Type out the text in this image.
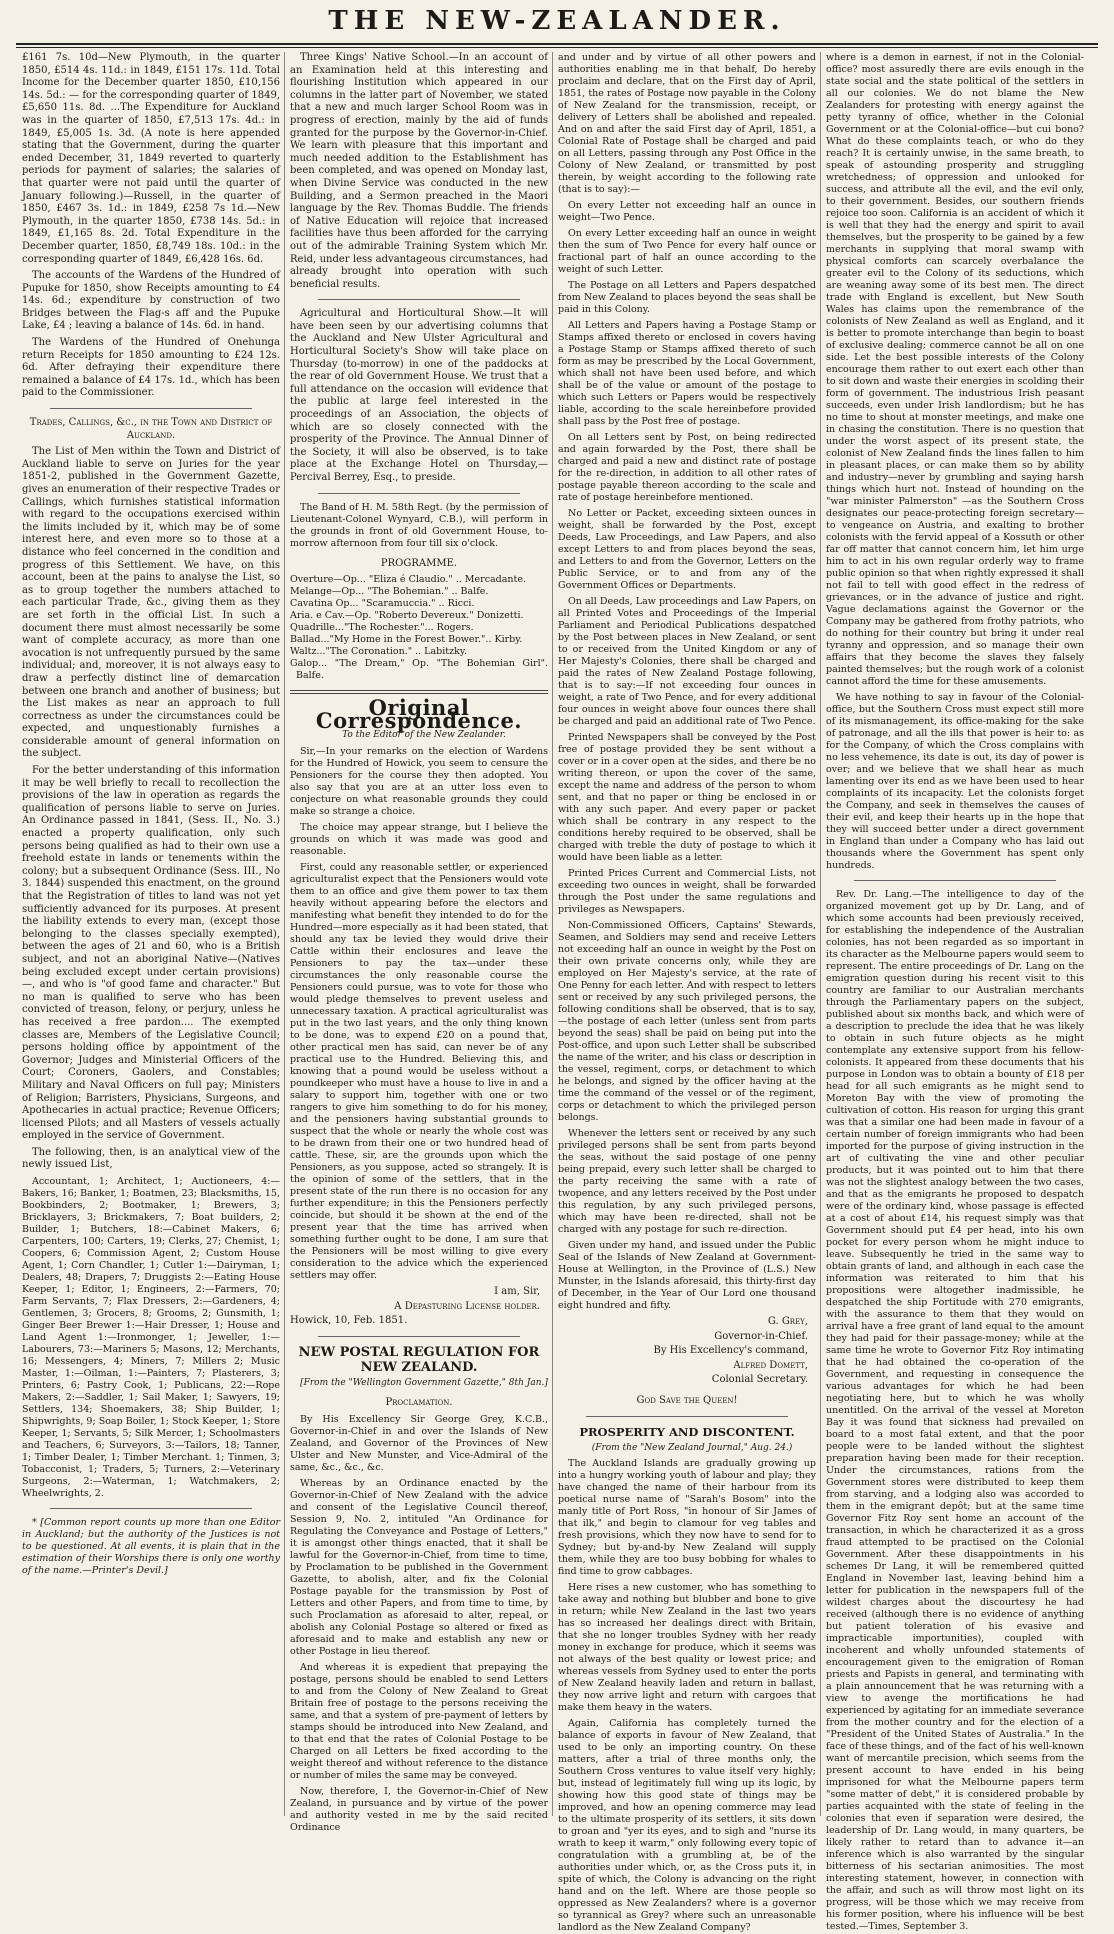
THE NEW-ZEALANDER.

£161 7s. 10d—New Plymouth, in the quarter 1850, £514 4s. 11d.: in 1849, £151 17s. 11d. Total Income for the December quarter 1850, £10,156 14s. 5d.: — for the corresponding quarter of 1849, £5,650 11s. 8d. ...The Expenditure for Auckland was in the quarter of 1850, £7,513 17s. 4d.: in 1849, £5,005 1s. 3d. (A note is here appended stating that the Government, during the quarter ended December, 31, 1849 reverted to quarterly periods for payment of salaries; the salaries of that quarter were not paid until the quarter of January following.)—Russell, in the quarter of 1850, £467 3s. 1d.: in 1849, £258 7s 1d.—New Plymouth, in the quarter 1850, £738 14s. 5d.: in 1849, £1,165 8s. 2d. Total Expenditure in the December quarter, 1850, £8,749 18s. 10d.: in the corresponding quarter of 1849, £6,428 16s. 6d.

The accounts of the Wardens of the Hundred of Pupuke for 1850, show Receipts amounting to £4 14s. 6d.; expenditure by construction of two Bridges between the Flag-s aff and the Pupuke Lake, £4 ; leaving a balance of 14s. 6d. in hand.

The Wardens of the Hundred of Onehunga return Receipts for 1850 amounting to £24 12s. 6d. After defraying their expenditure there remained a balance of £4 17s. 1d., which has been paid to the Commissioner.

Trades, Callings, &c., in the Town and District of Auckland.

The List of Men within the Town and District of Auckland liable to serve on Juries for the year 1851-2, published in the Government Gazette, gives an enumeration of their respective Trades or Callings, which furnishes statistical information with regard to the occupations exercised within the limits included by it, which may be of some interest here, and even more so to those at a distance who feel concerned in the condition and progress of this Settlement. We have, on this account, been at the pains to analyse the List, so as to group together the numbers attached to each particular Trade, &c., giving them as they are set forth in the official List. In such a document there must almost necessarily be some want of complete accuracy, as more than one avocation is not unfrequently pursued by the same individual; and, moreover, it is not always easy to draw a perfectly distinct line of demarcation between one branch and another of business; but the List makes as near an approach to full correctness as under the circumstances could be expected, and unquestionably furnishes a considerable amount of general information on the subject.

For the better understanding of this information it may be well briefly to recall to recollection the provisions of the law in operation as regards the qualification of persons liable to serve on Juries. An Ordinance passed in 1841, (Sess. II., No. 3.) enacted a property qualification, only such persons being qualified as had to their own use a freehold estate in lands or tenements within the colony; but a subsequent Ordinance (Sess. III., No 3. 1844) suspended this enactment, on the ground that the Registration of titles to land was not yet sufficiently advanced for its purposes. At present the liability extends to every man, (except those belonging to the classes specially exempted), between the ages of 21 and 60, who is a British subject, and not an aboriginal Native—(Natives being excluded except under certain provisions)—, and who is "of good fame and character." But no man is qualified to serve who has been convicted of treason, felony, or perjury, unless he has received a free pardon.... The exempted classes are, Members of the Legislative Council; persons holding office by appointment of the Governor; Judges and Ministerial Officers of the Court; Coroners, Gaolers, and Constables; Military and Naval Officers on full pay; Ministers of Religion; Barristers, Physicians, Surgeons, and Apothecaries in actual practice; Revenue Officers; licensed Pilots; and all Masters of vessels actually employed in the service of Government.

The following, then, is an analytical view of the newly issued List,

Accountant, 1; Architect, 1; Auctioneers, 4:—Bakers, 16; Banker, 1; Boatmen, 23; Blacksmiths, 15, Bookbinders, 2; Bootmaker, 1; Brewers, 3; Bricklayers, 3; Brickmakers, 7; Boat builders, 2; Builder, 1; Butchers, 18:—Cabinet Makers, 6; Carpenters, 100; Carters, 19; Clerks, 27; Chemist, 1; Coopers, 6; Commission Agent, 2; Custom House Agent, 1; Corn Chandler, 1; Cutler 1:—Dairyman, 1; Dealers, 48; Drapers, 7; Druggists 2:—Eating House Keeper, 1; Editor, 1; Engineers, 2:—Farmers, 70; Farm Servants, 7; Flax Dressers, 2:—Gardeners, 4; Gentlemen, 3; Grocers, 8; Grooms, 2; Gunsmith, 1; Ginger Beer Brewer 1:—Hair Dresser, 1; House and Land Agent 1:—Ironmonger, 1; Jeweller, 1:—Labourers, 73:—Mariners 5; Masons, 12; Merchants, 16; Messengers, 4; Miners, 7; Millers 2; Music Master, 1:—Oilman, 1:—Painters, 7; Plasterers, 3; Printers, 6; Pastry Cook, 1; Publicans, 22:—Rope Makers, 2:—Saddler, 1; Sail Maker, 1; Sawyers, 19; Settlers, 134; Shoemakers, 38; Ship Builder, 1; Shipwrights, 9; Soap Boiler, 1; Stock Keeper, 1; Store Keeper, 1; Servants, 5; Silk Mercer, 1; Schoolmasters and Teachers, 6; Surveyors, 3:—Tailors, 18; Tanner, 1; Timber Dealer, 1; Timber Merchant. 1; Tinmen, 3; Tobacconist, 1; Traders, 5; Turners, 2:—Veterinary Surgeons, 2:—Waterman, 1; Watchmakers, 2; Wheelwrights, 2.

* [Common report counts up more than one Editor in Auckland; but the authority of the Justices is not to be questioned. At all events, it is plain that in the estimation of their Worships there is only one worthy of the name.—Printer's Devil.]

Three Kings' Native School.—In an account of an Examination held at this interesting and flourishing Institution which appeared in our columns in the latter part of November, we stated that a new and much larger School Room was in progress of erection, mainly by the aid of funds granted for the purpose by the Governor-in-Chief. We learn with pleasure that this important and much needed addition to the Establishment has been completed, and was opened on Monday last, when Divine Service was conducted in the new Building, and a Sermon preached in the Maori language by the Rev. Thomas Buddle. The friends of Native Education will rejoice that increased facilities have thus been afforded for the carrying out of the admirable Training System which Mr. Reid, under less advantageous circumstances, had already brought into operation with such beneficial results.

Agricultural and Horticultural Show.—It will have been seen by our advertising columns that the Auckland and New Ulster Agricultural and Horticultural Society's Show will take place on Thursday (to-morrow) in one of the paddocks at the rear of old Government House. We trust that a full attendance on the occasion will evidence that the public at large feel interested in the proceedings of an Association, the objects of which are so closely connected with the prosperity of the Province. The Annual Dinner of the Society, it will also be observed, is to take place at the Exchange Hotel on Thursday,—Percival Berrey, Esq., to preside.

The Band of H. M. 58th Regt. (by the permission of Lieutenant-Colonel Wynyard, C.B.), will perform in the grounds in front of old Government House, to-morrow afternoon from four till six o'clock.

PROGRAMME.

Overture—Op... "Eliza é Claudio." .. Mercadante.
Melange—Op... "The Bohemian." .. Balfe.
Cavatina Op... "Scaramuccia." .. Ricci.
Aria. e Cav.—Op. "Roberto Devereux." Donizetti.
Quadrille..."The Rochester."... Rogers.
Ballad..."My Home in the Forest Bower.".. Kirby.
Waltz..."The Coronation." .. Labitzky.
Galop... "The Dream," Op. "The Bohemian Girl". Balfe.
Original Correspondence.

To the Editor of the New Zealander.

Sir,—In your remarks on the election of Wardens for the Hundred of Howick, you seem to censure the Pensioners for the course they then adopted. You also say that you are at an utter loss even to conjecture on what reasonable grounds they could make so strange a choice.

The choice may appear strange, but I believe the grounds on which it was made was good and reasonable.

First, could any reasonable settler, or experienced agriculturalist expect that the Pensioners would vote them to an office and give them power to tax them heavily without appearing before the electors and manifesting what benefit they intended to do for the Hundred—more especially as it had been stated, that should any tax be levied they would drive their Cattle within their enclosures and leave the Pensioners to pay the tax—under these circumstances the only reasonable course the Pensioners could pursue, was to vote for those who would pledge themselves to prevent useless and unnecessary taxation. A practical agriculturalist was put in the two last years, and the only thing known to be done, was to expend £20 on a pound that, other practical men has said, can never be of any practical use to the Hundred. Believing this, and knowing that a pound would be useless without a poundkeeper who must have a house to live in and a salary to support him, together with one or two rangers to give him something to do for his money, and the pensioners having substantial grounds to suspect that the whole or nearly the whole cost was to be drawn from their one or two hundred head of cattle. These, sir, are the grounds upon which the Pensioners, as you suppose, acted so strangely. It is the opinion of some of the settlers, that in the present state of the run there is no occasion for any further expenditure; in this the Pensioners perfectly coincide, but should it be shown at the end of the present year that the time has arrived when something further ought to be done, I am sure that the Pensioners will be most willing to give every consideration to the advice which the experienced settlers may offer.

I am, Sir,

A Depasturing License holder.

Howick, 10, Feb. 1851.

NEW POSTAL REGULATION FOR NEW ZEALAND.

[From the "Wellington Government Gazette," 8th Jan.]

Proclamation.

By His Excellency Sir George Grey, K.C.B., Governor-in-Chief in and over the Islands of New Zealand, and Governor of the Provinces of New Ulster and New Munster, and Vice-Admiral of the same, &c., &c., &c.

Whereas by an Ordinance enacted by the Governor-in-Chief of New Zealand with the advice and consent of the Legislative Council thereof, Session 9, No. 2, intituled "An Ordinance for Regulating the Conveyance and Postage of Letters," it is amongst other things enacted, that it shall be lawful for the Governor-in-Chief, from time to time, by Proclamation to be published in the Government Gazette, to abolish, alter, and fix the Colonial Postage payable for the transmission by Post of Letters and other Papers, and from time to time, by such Proclamation as aforesaid to alter, repeal, or abolish any Colonial Postage so altered or fixed as aforesaid and to make and establish any new or other Postage in lieu thereof.

And whereas it is expedient that prepaying the postage, persons should be enabled to send Letters to and from the Colony of New Zealand to Great Britain free of postage to the persons receiving the same, and that a system of pre-payment of letters by stamps should be introduced into New Zealand, and to that end that the rates of Colonial Postage to be Charged on all Letters be fixed according to the weight thereof and without reference to the distance or number of miles the same may be conveyed.

Now, therefore, I, the Governor-in-Chief of New Zealand, in pursuance and by virtue of the power and authority vested in me by the said recited Ordinance

and under and by virtue of all other powers and authorities enabling me in that behalf, Do hereby proclaim and declare, that on the First day of April, 1851, the rates of Postage now payable in the Colony of New Zealand for the transmission, receipt, or delivery of Letters shall be abolished and repealed. And on and after the said First day of April, 1851, a Colonial Rate of Postage shall be charged and paid on all Letters, passing through any Post Office in the Colony of New Zealand, or transmitted by post therein, by weight according to the following rate (that is to say):—

On every Letter not exceeding half an ounce in weight—Two Pence.

On every Letter exceeding half an ounce in weight then the sum of Two Pence for every half ounce or fractional part of half an ounce according to the weight of such Letter.

The Postage on all Letters and Papers despatched from New Zealand to places beyond the seas shall be paid in this Colony.

All Letters and Papers having a Postage Stamp or Stamps affixed thereto or enclosed in covers having a Postage Stamp or Stamps affixed thereto of such form as may be prescribed by the Local Government, which shall not have been used before, and which shall be of the value or amount of the postage to which such Letters or Papers would be respectively liable, according to the scale hereinbefore provided shall pass by the Post free of postage.

On all Letters sent by Post, on being redirected and again forwarded by the Post, there shall be charged and paid a new and distinct rate of postage for the re-direction, in addition to all other rates of postage payable thereon according to the scale and rate of postage hereinbefore mentioned.

No Letter or Packet, exceeding sixteen ounces in weight, shall be forwarded by the Post, except Deeds, Law Proceedings, and Law Papers, and also except Letters to and from places beyond the seas, and Letters to and from the Governor, Letters on the Public Service, or to and from any of the Government Offices or Departments.

On all Deeds, Law proceedings and Law Papers, on all Printed Votes and Proceedings of the Imperial Parliament and Periodical Publications despatched by the Post between places in New Zealand, or sent to or received from the United Kingdom or any of Her Majesty's Colonies, there shall be charged and paid the rates of New Zealand Postage following, that is to say:—If not exceeding four ounces in weight, a rate of Two Pence, and for every additional four ounces in weight above four ounces there shall be charged and paid an additional rate of Two Pence.

Printed Newspapers shall be conveyed by the Post free of postage provided they be sent without a cover or in a cover open at the sides, and there be no writing thereon, or upon the cover of the same, except the name and address of the person to whom sent, and that no paper or thing be enclosed in or with any such paper. And every paper or packet which shall be contrary in any respect to the conditions hereby required to be observed, shall be charged with treble the duty of postage to which it would have been liable as a letter.

Printed Prices Current and Commercial Lists, not exceeding two ounces in weight, shall be forwarded through the Post under the same regulations and privileges as Newspapers.

Non-Commissioned Officers, Captains' Stewards, Seamen, and Soldiers may send and receive Letters not exceeding half an ounce in weight by the Post on their own private concerns only, while they are employed on Her Majesty's service, at the rate of One Penny for each letter. And with respect to letters sent or received by any such privileged persons, the following conditions shall be observed, that is to say,—the postage of each letter (unless sent from parts beyond the seas) shall be paid on being put into the Post-office, and upon such Letter shall be subscribed the name of the writer, and his class or description in the vessel, regiment, corps, or detachment to which he belongs, and signed by the officer having at the time the command of the vessel or of the regiment, corps or detachment to which the privileged person belongs.

Whenever the letters sent or received by any such privileged persons shall be sent from parts beyond the seas, without the said postage of one penny being prepaid, every such letter shall be charged to the party receiving the same with a rate of twopence, and any letters received by the Post under this regulation, by any such privileged persons, which may have been re-directed, shall not be charged with any postage for such re-direction.

Given under my hand, and issued under the Public Seal of the Islands of New Zealand at Government-House at Wellington, in the Province of (L.S.) New Munster, in the Islands aforesaid, this thirty-first day of December, in the Year of Our Lord one thousand eight hundred and fifty.

G. Grey,

Governor-in-Chief.

By His Excellency's command,

Alfred Domett,

Colonial Secretary.

God Save the Queen!

PROSPERITY AND DISCONTENT.

(From the "New Zealand Journal," Aug. 24.)

The Auckland Islands are gradually growing up into a hungry working youth of labour and play; they have changed the name of their harbour from its poetical nurse name of "Sarah's Bosom" into the manly title of Port Ross, "in honour of Sir James of that ilk," and begin to clamour for veg tables and fresh provisions, which they now have to send for to Sydney; but by-and-by New Zealand will supply them, while they are too busy bobbing for whales to find time to grow cabbages.

Here rises a new customer, who has something to take away and nothing but blubber and bone to give in return; while New Zealand in the last two years has so increased her dealings direct with Britain, that she no longer troubles Sydney with her ready money in exchange for produce, which it seems was not always of the best quality or lowest price; and whereas vessels from Sydney used to enter the ports of New Zealand heavily laden and return in ballast, they now arrive light and return with cargoes that make them heavy in the waters.

Again, California has completely turned the balance of exports in favour of New Zealand, that used to be only an importing country. On these matters, after a trial of three months only, the Southern Cross ventures to value itself very highly; but, instead of legitimately full wing up its logic, by showing how this good state of things may be improved, and how an opening commerce may lead to the ultimate prosperity of its settlers, it sits down to groan and "yer its eyes, and to sigh and "nurse its wrath to keep it warm," only following every topic of congratulation with a grumbling at, be of the authorities under which, or, as the Cross puts it, in spite of which, the Colony is advancing on the right hand and on the left. Where are those people so oppressed as New Zealanders? where is a governor so tyrannical as Grey? where such an unreasonable landlord as the New Zealand Company?

where is a demon in earnest, if not in the Colonial-office? most assuredly there are evils enough in the state social and the state political of the settlers in all our colonies. We do not blame the New Zealanders for protesting with energy against the petty tyranny of office, whether in the Colonial Government or at the Colonial-office—but cui bono? What do these complaints teach, or who do they reach? It is certainly unwise, in the same breath, to speak of astounding prosperity and struggling wretchedness; of oppression and unlooked for success, and attribute all the evil, and the evil only, to their government. Besides, our southern friends rejoice too soon. California is an accident of which it is well that they had the energy and spirit to avail themselves, but the prosperity to be gained by a few merchants in supplying that moral swamp with physical comforts can scarcely overbalance the greater evil to the Colony of its seductions, which are weaning away some of its best men. The direct trade with England is excellent, but New South Wales has claims upon the remembrance of the colonists of New Zealand as well as England, and it is better to promote interchange than begin to boast of exclusive dealing; commerce cannot be all on one side. Let the best possible interests of the Colony encourage them rather to out exert each other than to sit down and waste their energies in scolding their form of government. The industrious Irish peasant succeeds, even under Irish landlordism; but he has no time to shout at monster meetings, and make one in chasing the constitution. There is no question that under the worst aspect of its present state, the colonist of New Zealand finds the lines fallen to him in pleasant places, or can make them so by ability and industry—never by grumbling and saying harsh things which hurt not. Instead of hounding on the "war minister Palmerston" —as the Southern Cross designates our peace-protecting foreign secretary—to vengeance on Austria, and exalting to brother colonists with the fervid appeal of a Kossuth or other far off matter that cannot concern him, let him urge him to act in his own regular orderly way to frame public opinion so that when rightly expressed it shall not fail to tell with good effect in the redress of grievances, or in the advance of justice and right. Vague declamations against the Governor or the Company may be gathered from frothy patriots, who do nothing for their country but bring it under real tyranny and oppression, and so manage their own affairs that they become the slaves they falsely painted themselves; but the rough work of a colonist cannot afford the time for these amusements.

We have nothing to say in favour of the Colonial-office, but the Southern Cross must expect still more of its mismanagement, its office-making for the sake of patronage, and all the ills that power is heir to: as for the Company, of which the Cross complains with no less vehemence, its date is out, its day of power is over; and we believe that we shall hear as much lamenting over its end as we have been used to hear complaints of its incapacity. Let the colonists forget the Company, and seek in themselves the causes of their evil, and keep their hearts up in the hope that they will succeed better under a direct government in England than under a Company who has laid out thousands where the Government has spent only hundreds.

Rev. Dr. Lang.—The intelligence to day of the organized movement got up by Dr. Lang, and of which some accounts had been previously received, for establishing the independence of the Australian colonies, has not been regarded as so important in its character as the Melbourne papers would seem to represent. The entire proceedings of Dr. Lang on the emigration question during his recent visit to this country are familiar to our Australian merchants through the Parliamentary papers on the subject, published about six months back, and which were of a description to preclude the idea that he was likely to obtain in such future objects as he might contemplate any extensive support from his fellow-colonists. It appeared from these documents that his purpose in London was to obtain a bounty of £18 per head for all such emigrants as he might send to Moreton Bay with the view of promoting the cultivation of cotton. His reason for urging this grant was that a similar one had been made in favour of a certain number of foreign immigrants who had been imported for the purpose of giving instruction in the art of cultivating the vine and other peculiar products, but it was pointed out to him that there was not the slightest analogy between the two cases, and that as the emigrants he proposed to despatch were of the ordinary kind, whose passage is effected at a cost of about £14, his request simply was that Government should put £4 per head, into his own pocket for every person whom he might induce to leave. Subsequently he tried in the same way to obtain grants of land, and although in each case the information was reiterated to him that his propositions were altogether inadmissible, he despatched the ship Fortitude with 270 emigrants, with the assurance to them that they would on arrival have a free grant of land equal to the amount they had paid for their passage-money; while at the same time he wrote to Governor Fitz Roy intimating that he had obtained the co-operation of the Government, and requesting in consequence the various advantages for which he had been negotiating here, but to which he was wholly unentitled. On the arrival of the vessel at Moreton Bay it was found that sickness had prevailed on board to a most fatal extent, and that the poor people were to be landed without the slightest preparation having been made for their reception. Under the circumstances, rations from the Government stores were distributed to keep them from starving, and a lodging also was accorded to them in the emigrant depôt; but at the same time Governor Fitz Roy sent home an account of the transaction, in which he characterized it as a gross fraud attempted to be practised on the Colonial Government. After these disappointments in his schemes Dr Lang, it will be remembered quitted England in November last, leaving behind him a letter for publication in the newspapers full of the wildest charges about the discourtesy he had received (although there is no evidence of anything but patient toleration of his evasive and impracticable importunities), coupled with incoherent and wholly unfounded statements of encouragement given to the emigration of Roman priests and Papists in general, and terminating with a plain announcement that he was returning with a view to avenge the mortifications he had experienced by agitating for an immediate severance from the mother country and for the election of a "President of the United States of Australia." In the face of these things, and of the fact of his well-known want of mercantile precision, which seems from the present account to have ended in his being imprisoned for what the Melbourne papers term "some matter of debt," it is considered probable by parties acquainted with the state of feeling in the colonies that even if separation were desired, the leadership of Dr. Lang would, in many quarters, be likely rather to retard than to advance it—an inference which is also warranted by the singular bitterness of his sectarian animosities. The most interesting statement, however, in connection with the affair, and such as will throw most light on its progress, will be those which we may receive from his former position, where his influence will be best tested.—Times, September 3.
